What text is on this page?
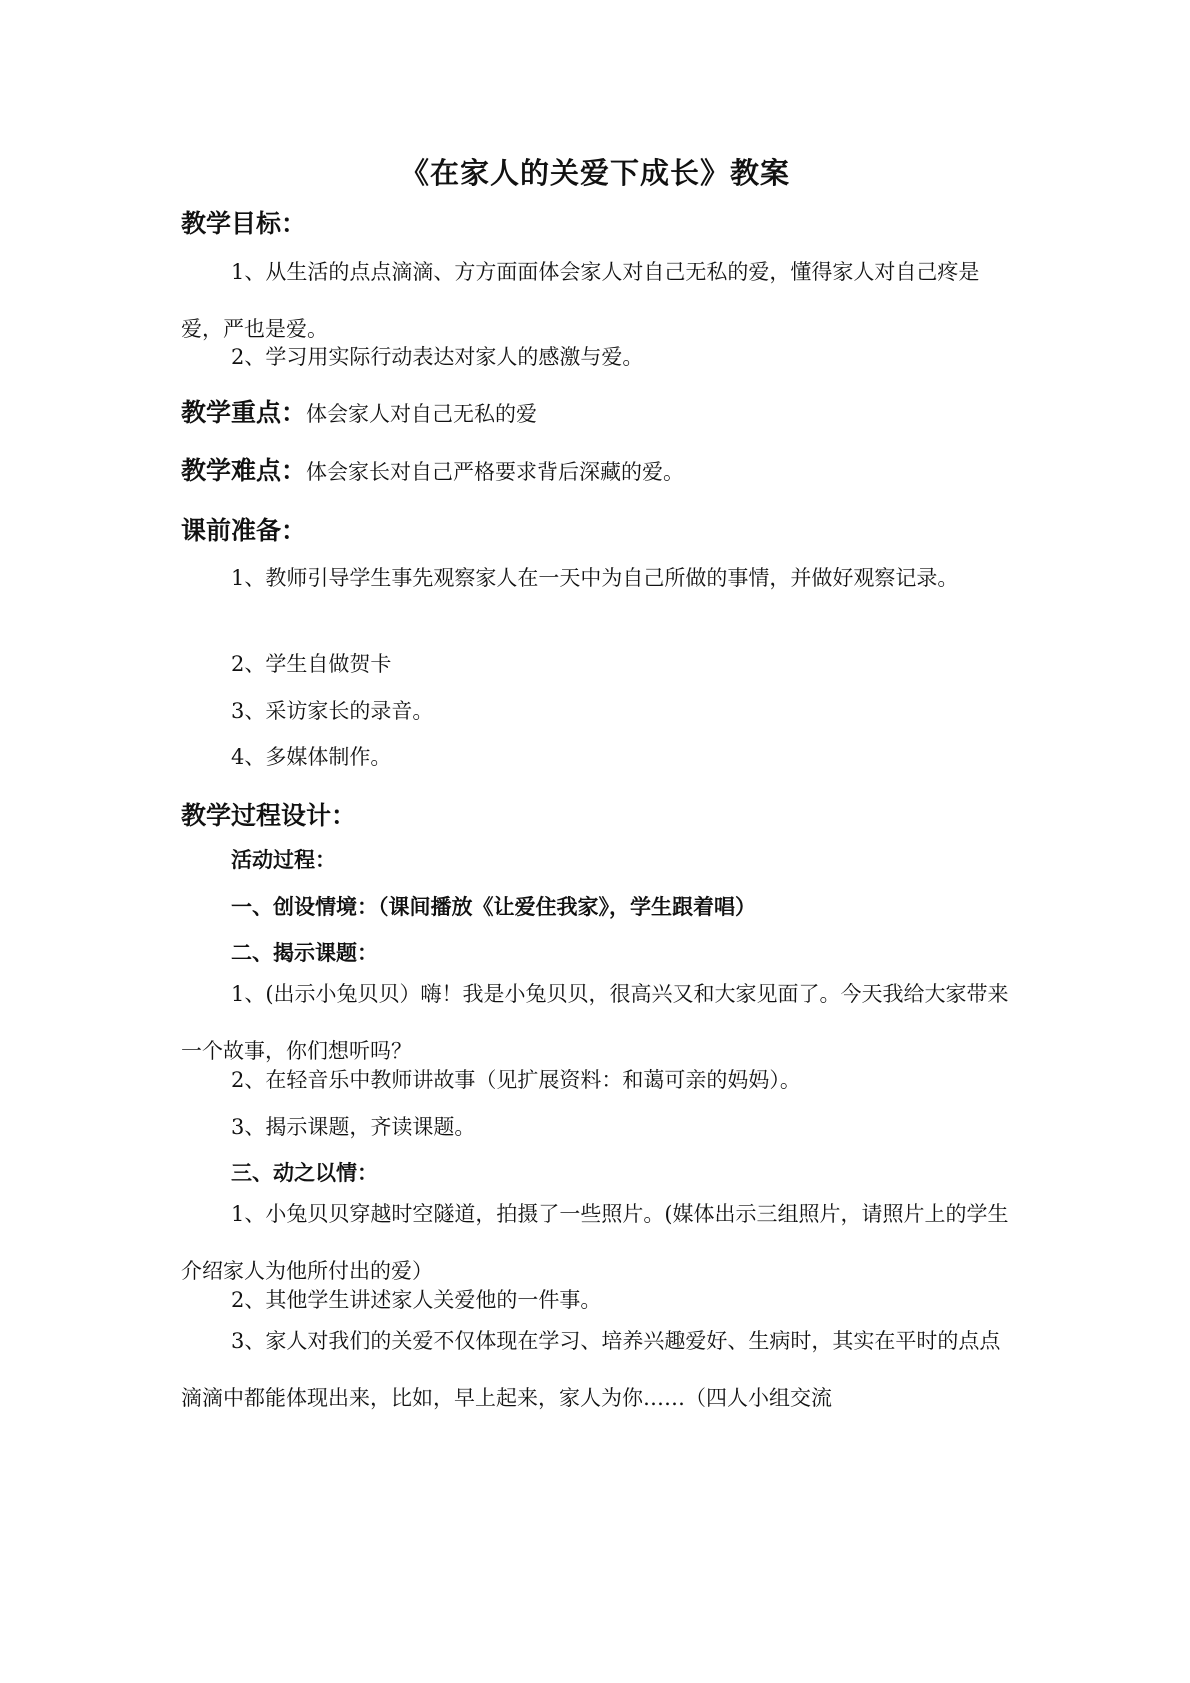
《在家人的关爱下成长》教案
教学目标：

1、从生活的点点滴滴、方方面面体会家人对自己无私的爱，懂得家人对自己疼是爱，严也是爱。

2、学习用实际行动表达对家人的感激与爱。

教学重点：体会家人对自己无私的爱
教学难点：体会家长对自己严格要求背后深藏的爱。
课前准备：

1、教师引导学生事先观察家人在一天中为自己所做的事情，并做好观察记录。

2、学生自做贺卡

3、采访家长的录音。

4、多媒体制作。

教学过程设计：

活动过程：

一、创设情境：（课间播放《让爱住我家》，学生跟着唱）

二、揭示课题：

1、(出示小兔贝贝）嗨！我是小兔贝贝，很高兴又和大家见面了。今天我给大家带来一个故事，你们想听吗？

2、在轻音乐中教师讲故事（见扩展资料：和蔼可亲的妈妈）。

3、揭示课题，齐读课题。

三、动之以情：

1、小兔贝贝穿越时空隧道，拍摄了一些照片。(媒体出示三组照片，请照片上的学生介绍家人为他所付出的爱）

2、其他学生讲述家人关爱他的一件事。

3、家人对我们的关爱不仅体现在学习、培养兴趣爱好、生病时，其实在平时的点点滴滴中都能体现出来，比如，早上起来，家人为你……（四人小组交流
